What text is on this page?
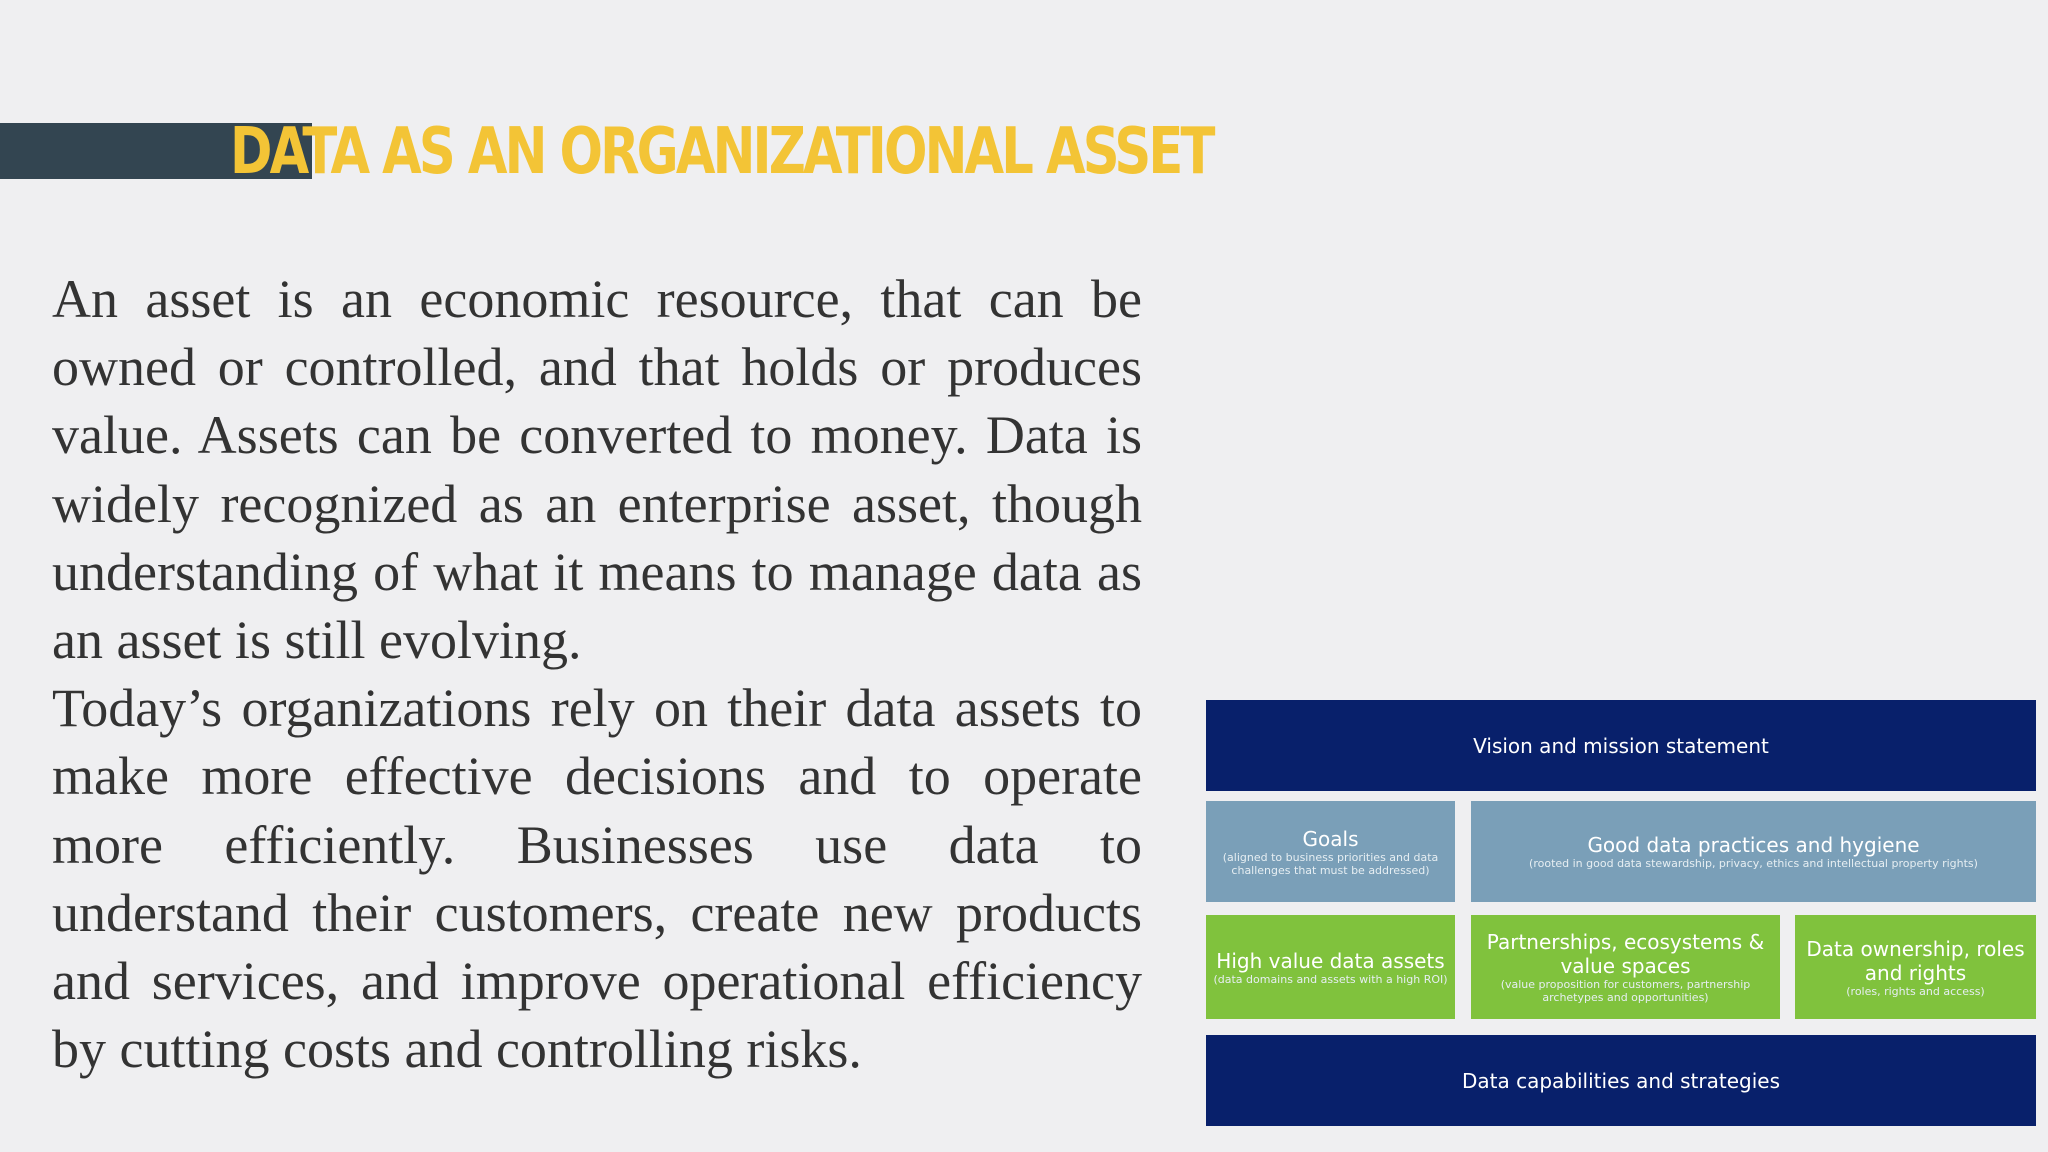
DATA AS AN ORGANIZATIONAL ASSET

An asset is an economic resource, that can be owned or controlled, and that holds or produces value. Assets can be converted to money. Data is widely recognized as an enterprise asset, though understanding of what it means to manage data as an asset is still evolving.

Today’s organizations rely on their data assets to make more effective decisions and to operate more efficiently. Businesses use data to understand their customers, create new products and services, and improve operational efficiency by cutting costs and controlling risks.

Vision and mission statement
Goals
(aligned to business priorities and data challenges that must be addressed)
Good data practices and hygiene
(rooted in good data stewardship, privacy, ethics and intellectual property rights)
High value data assets
(data domains and assets with a high ROI)
Partnerships, ecosystems & value spaces
(value proposition for customers, partnership archetypes and opportunities)
Data ownership, roles and rights
(roles, rights and access)
Data capabilities and strategies
